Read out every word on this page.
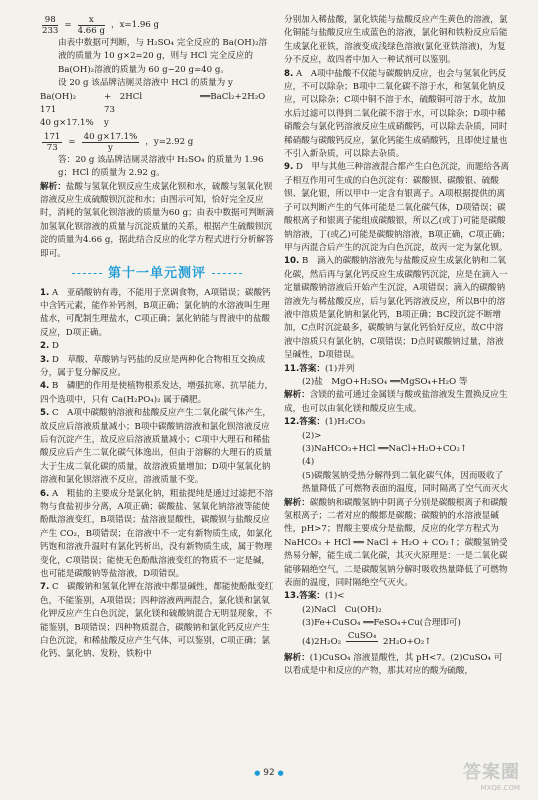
$\frac{98}{233} = \frac{x}{4.66 g}$ ，x=1.96 g

由表中数据可判断，与 H₂SO₄ 完全反应的 Ba(OH)₂溶液的质量为 10 g×2=20 g，则与 HCl 完全反应的 Ba(OH)₂溶液的质量为 60 g−20 g=40 g。

设 20 g 该品牌洁厕灵溶液中 HCl 的质量为 y

Ba(OH)₂	+　2HCl	══BaCl₂+2H₂O
171	73
40 g×17.1%	y
$\frac{171}{73} = \frac{40 g\times 17.1\%}{y}$ ，y=2.92 g

答：20 g 该品牌洁厕灵溶液中 H₂SO₄ 的质量为 1.96 g；HCl 的质量为 2.92 g。

解析：盐酸与氢氧化钡反应生成氯化钡和水，硫酸与氢氧化钡溶液反应生成硫酸钡沉淀和水；由图示可知，恰好完全反应时，消耗的氢氧化钡溶液的质量为60 g；由表中数据可判断滴加氢氧化钡溶液的质量与沉淀质量的关系，根据产生硫酸钡沉淀的质量为4.66 g，据此结合反应的化学方程式进行分析解答即可。

第十一单元测评

1. A　亚硝酸钠有毒，不能用于烹调食物，A项错误；碳酸钙中含钙元素，能作补钙剂，B项正确；氯化钠的水溶液叫生理盐水，可配制生理盐水，C项正确；氯化钠能与胃液中的盐酸反应，D项正确。

2. D

3. D　草酸、草酸钠与钙盐的反应是两种化合物相互交换成分，属于复分解反应。

4. B　磷肥的作用是使植物根系发达，增强抗寒、抗旱能力，四个选项中，只有 Ca(H₂PO₄)₂ 属于磷肥。

5. C　A项中碳酸钠溶液和盐酸反应产生二氧化碳气体产生，故反应后溶液质量减小；B项中碳酸钠溶液和氯化钡溶液反应后有沉淀产生，故反应后溶液质量减小；C项中大理石和稀盐酸反应后产生二氧化碳气体逸出，但由于溶解的大理石的质量大于生成二氧化碳的质量，故溶液质量增加；D项中氢氧化钠溶液和氯化钡溶液不反应，溶液质量不变。

6. A　粗盐的主要成分是氯化钠，粗盐提纯是通过过滤把不溶物与食盐初步分离，A项正确；碳酸盐、氢氧化钠溶液等能使酚酞溶液变红，B项错误；盐溶液显酸性，碳酸钡与盐酸反应产生 CO₂，B项错误；在溶液中不一定有新物质生成，如氯化钙饱和溶液升温时有氯化钙析出，没有新物质生成，属于物理变化，C项错误；能使无色酚酞溶液变红的物质不一定是碱，也可能是碳酸钠等盐溶液，D项错误。

7. C　碳酸钠和氢氧化钾在溶液中都显碱性，都能使酚酞变红色，不能鉴别，A项错误；四种溶液两两混合，氯化镁和氯氧化钾反应产生白色沉淀，氯化镁和硫酸钠混合无明显现象，不能鉴别，B项错误；四种物质混合，碳酸钠和氯化钙反应产生白色沉淀，和稀盐酸反应产生气体，可以鉴别，C项正确；氯化钙、氯化钠、发粉，铁粉中

分别加入稀盐酸，氯化铁能与盐酸反应产生黄色的溶液，氯化铜能与盐酸反应生成蓝色的溶液，氯化铜和铁粉反应后能生成氯化亚铁，溶液变成浅绿色溶液(氯化亚铁溶液)，为复分不反应，故四者中加入一种试剂可以鉴别。

8. A　A项中盐酸不仅能与碳酸钠反应，也会与氢氧化钙反应，不可以除杂；B项中二氧化碳不溶于水，和氢氧化钠反应，可以除杂；C项中铜不溶于水，硫酸铜可溶于水，故加水后过滤可以得到二氧化碳不溶于水，可以除杂；D项中稀硝酸会与氯化钙溶液反应生成硝酸钙，可以除去杂质，同时稀硝酸与碳酸钙反应，氯化钙能生成硝酸钙，且即使过量也不引入新杂质，可以除去杂质。

9. D　甲与其他三种溶液混合都产生白色沉淀，而题给各离子相互作用可生成的白色沉淀有：碳酸钡、碳酸银、硫酸钡、氯化银，所以甲中一定含有银离子。A项根据提供的离子可以判断产生的气体可能是二氧化碳气体，D项错误；碳酸根离子和银离子能组成碳酸银，所以乙(或丁)可能是碳酸钠溶液，丁(或乙)可能是碳酸钠溶液，B项正确，C项正确；甲与丙混合后产生的沉淀为白色沉淀，故丙一定为氯化钡。

10. B　滴入的碳酸钠溶液先与盐酸反应生成氯化钠和二氧化碳，然后再与氯化钙反应生成碳酸钙沉淀，应是在滴入一定量碳酸钠溶液后开始产生沉淀，A项错误；滴入的碳酸钠溶液先与稀盐酸反应，后与氯化钙溶液反应，所以B中的溶液中溶质是氯化钠和氯化钙，B项正确；BC段沉淀不断增加，C点时沉淀最多，碳酸钠与氯化钙恰好反应，故C中溶液中溶质只有氯化钠，C项错误；D点时碳酸钠过量，溶液呈碱性，D项错误。

11.答案：(1)并列

(2)盐　MgO+H₂SO₄ ══MgSO₄+H₂O 等

解析：含镁的盐可通过金属镁与酸或盐溶液发生置换反应生成，也可以由氧化镁和酸反应生成。

12.答案：(1)H₂CO₃

(2)>

(3)NaHCO₃+HCl ══NaCl+H₂O+CO₂↑

(4)

(5)碳酸氢钠受热分解得到二氧化碳气体，因而吸收了热量降低了可燃物表面的温度，同时隔离了空气而灭火

解析：碳酸钠和碳酸氢钠中阴离子分别是碳酸根离子和碳酸氢根离子；二者对应的酸都是碳酸；碳酸钠的水溶液显碱性，pH>7；胃酸主要成分是盐酸，反应的化学方程式为 NaHCO₃ + HCl ══ NaCl + H₂O + CO₂↑；碳酸氢钠受热易分解，能生成二氧化碳，其灭火原理是：一是二氧化碳能够隔绝空气，二是碳酸氢钠分解时吸收热量降低了可燃物表面的温度，同时隔绝空气灭火。

13.答案：(1)<

(2)NaCl　Cu(OH)₂

(3)Fe+CuSO₄ ══FeSO₄+Cu(合理即可)

(4)2H₂O₂
CuSO₄

2H₂O+O₂↑

解析：(1)CuSO₄ 溶液显酸性，其 pH<7。(2)CuSO₄ 可以看成是中和反应的产物，那其对应的酸为硫酸，

● 92 ●	答案圈
MXQE.COM
